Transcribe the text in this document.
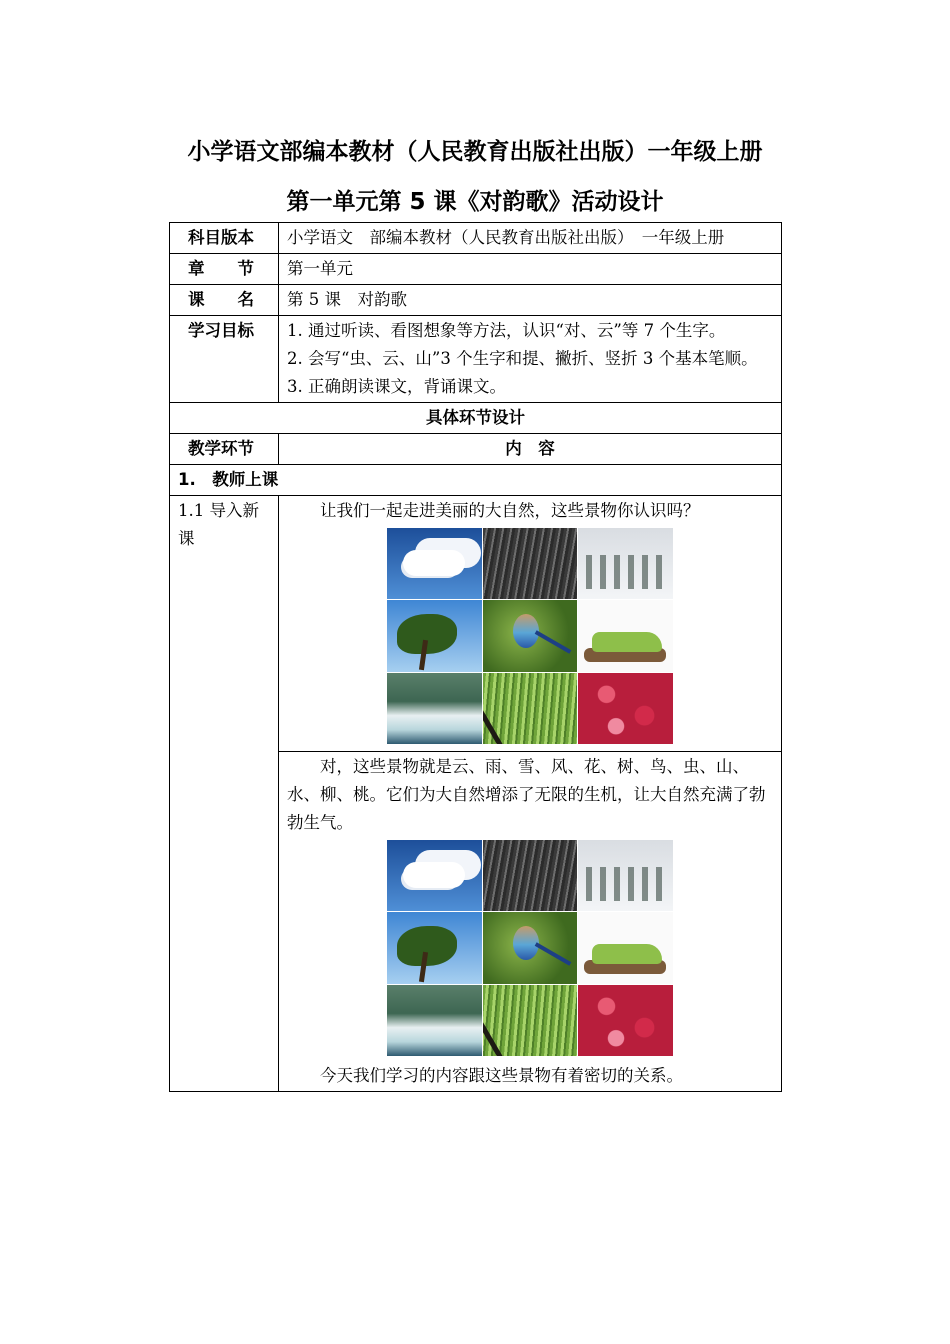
小学语文部编本教材（人民教育出版社出版）一年级上册
第一单元第 5 课《对韵歌》活动设计
科目版本	小学语文　部编本教材（人民教育出版社出版）　一年级上册

章 节	第一单元

课 名	第 5 课　对韵歌
学习目标	1. 通过听读、看图想象等方法，认识“对、云”等 7 个生字。
2. 会写“虫、云、山”3 个生字和提、撇折、竖折 3 个基本笔顺。
3. 正确朗读课文，背诵课文。

具体环节设计	
教学环节	内　容
1.　教师上课	
1.1 导入新课	让我们一起走进美丽的大自然，这些景物你认识吗？

	对，这些景物就是云、雨、雪、风、花、树、鸟、虫、山、水、柳、桃。它们为大自然增添了无限的生机，让大自然充满了勃勃生气。
今天我们学习的内容跟这些景物有着密切的关系。
